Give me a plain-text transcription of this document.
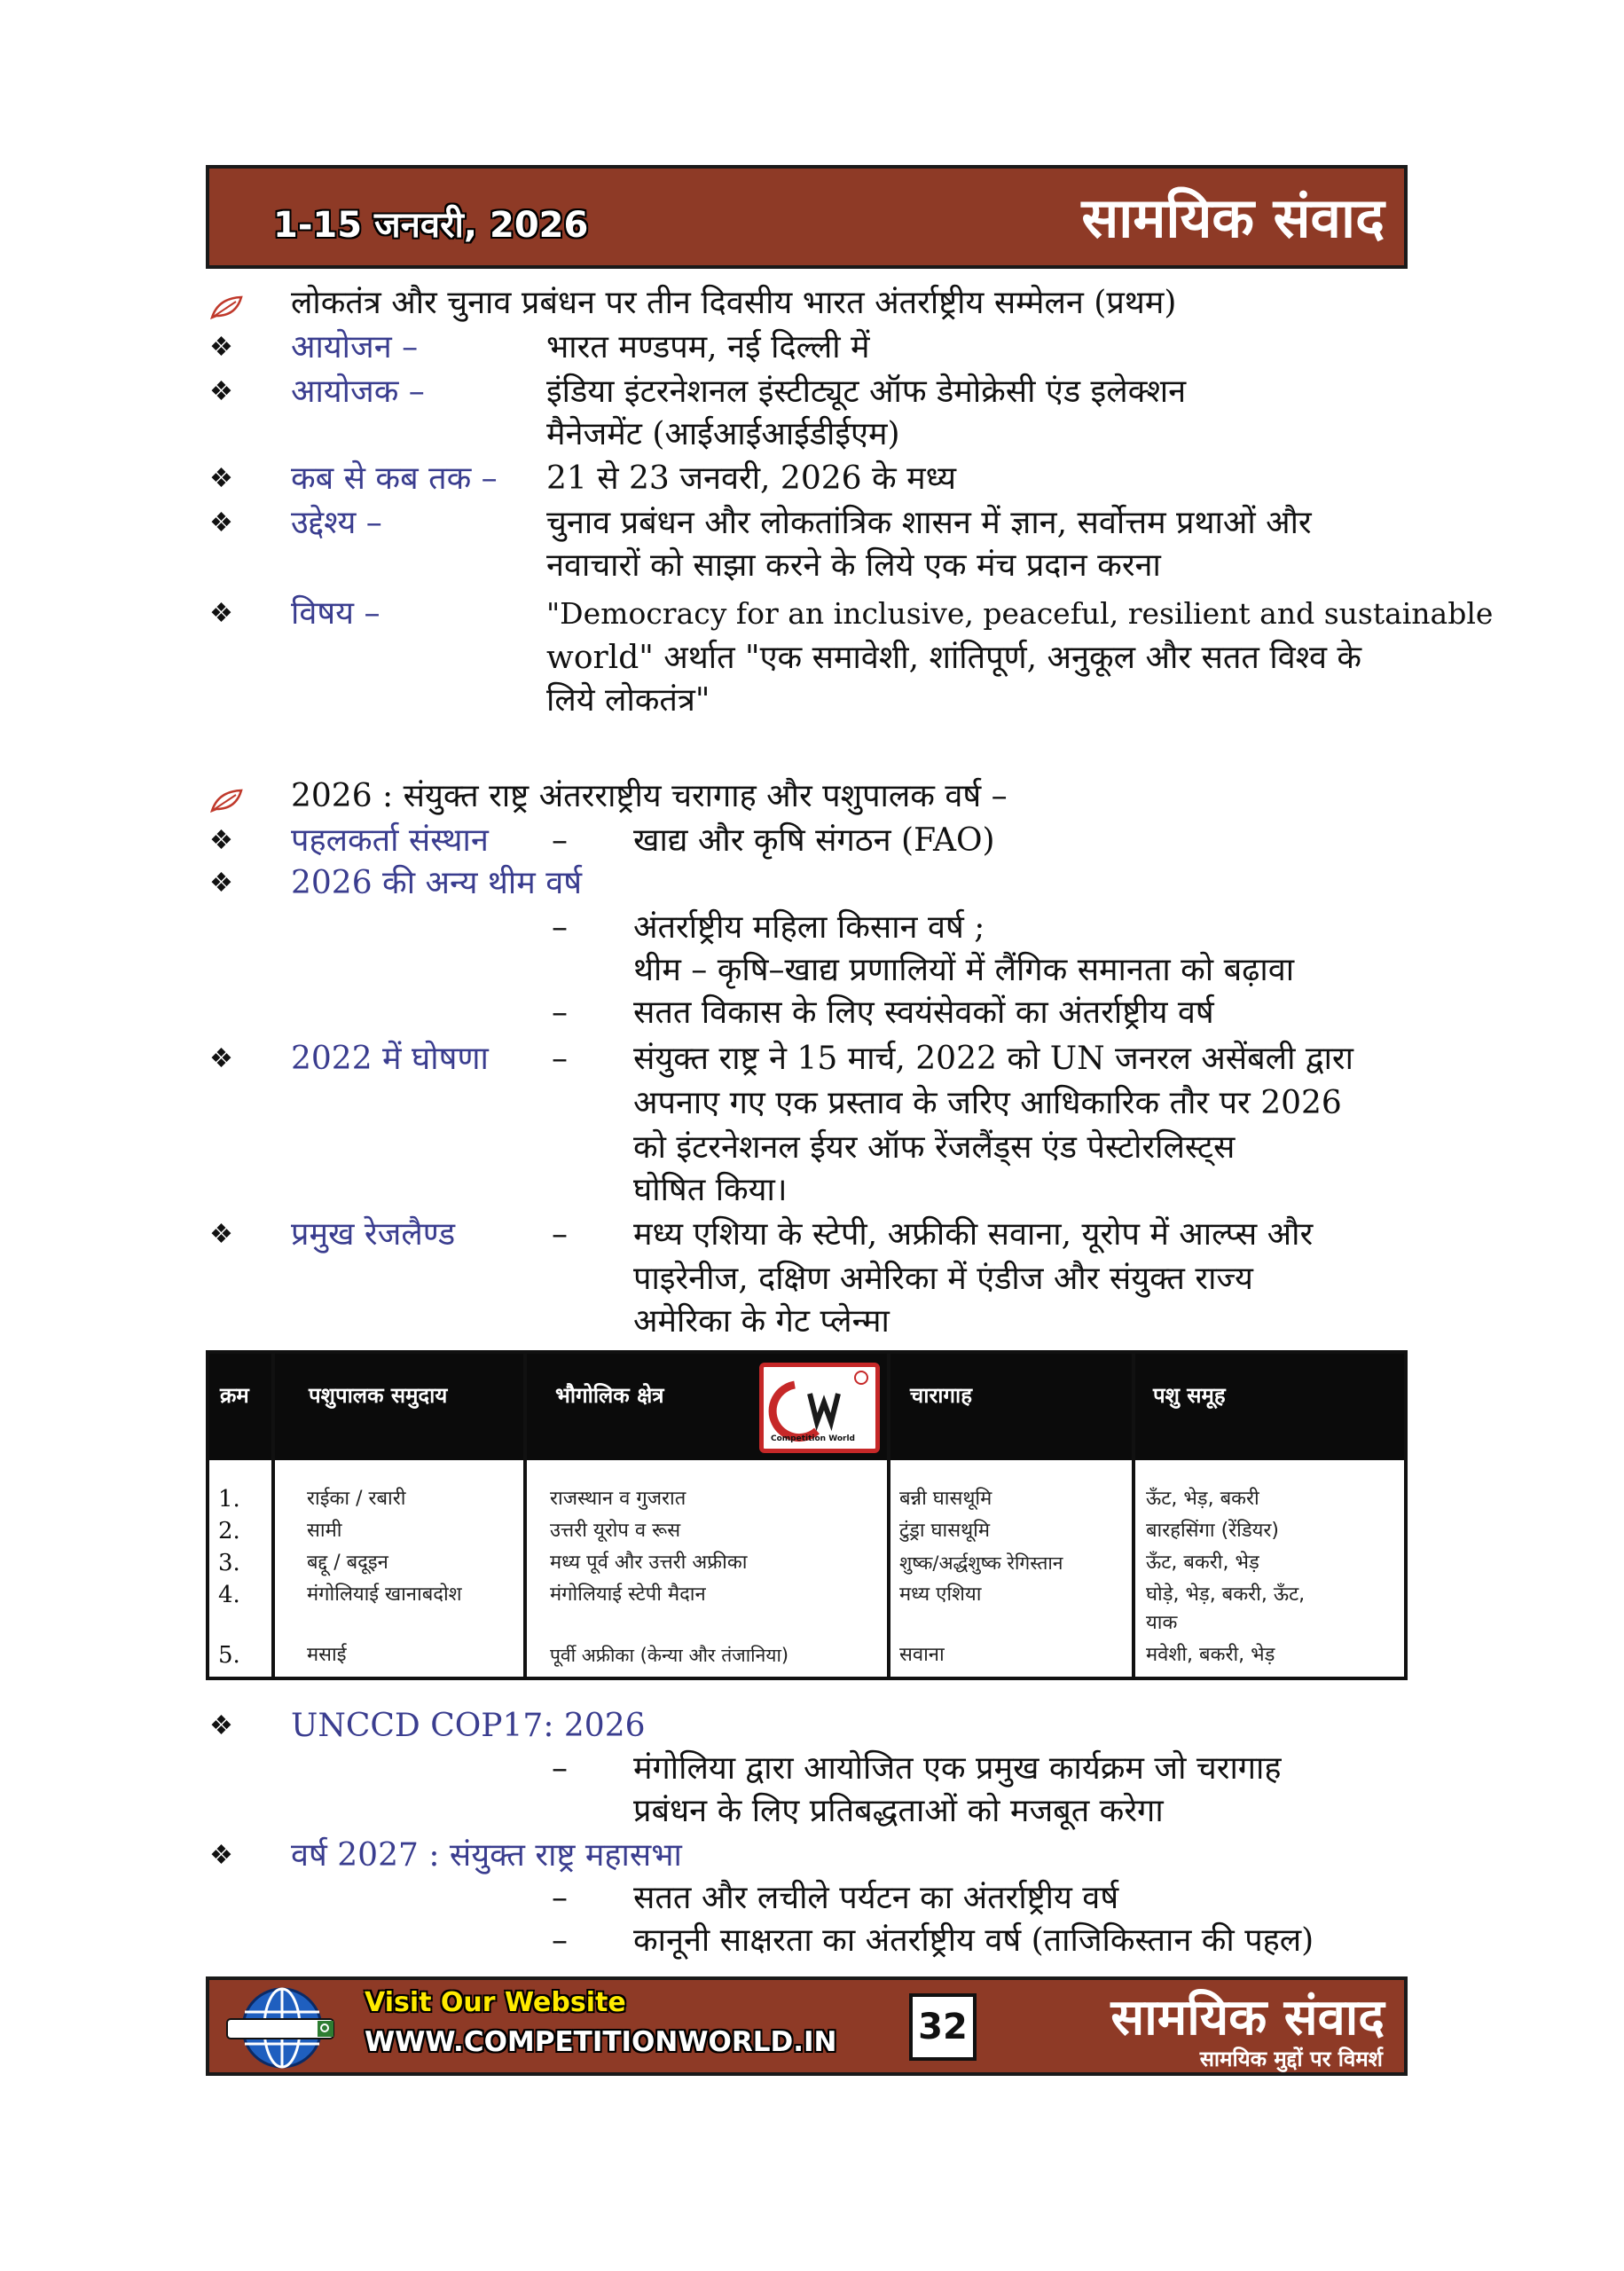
1-15 जनवरी, 2026	सामयिक संवाद
लोकतंत्र और चुनाव प्रबंधन पर तीन दिवसीय भारत अंतर्राष्ट्रीय सम्मेलन (प्रथम)
❖ आयोजन –	भारत मण्डपम, नई दिल्ली में
❖ आयोजक –	इंडिया इंटरनेशनल इंस्टीट्यूट ऑफ डेमोक्रेसी एंड इलेक्शन
मैनेजमेंट (आईआईआईडीईएम)
❖ कब से कब तक – 21 से 23 जनवरी, 2026 के मध्य
❖ उद्देश्य –	चुनाव प्रबंधन और लोकतांत्रिक शासन में ज्ञान, सर्वोत्तम प्रथाओं और
नवाचारों को साझा करने के लिये एक मंच प्रदान करना
❖ विषय –	"Democracy for an inclusive, peaceful, resilient and sustainable
world" अर्थात "एक समावेशी, शांतिपूर्ण, अनुकूल और सतत विश्व के
लिये लोकतंत्र"
2026 : संयुक्त राष्ट्र अंतरराष्ट्रीय चरागाह और पशुपालक वर्ष –
❖ पहलकर्ता संस्थान – खाद्य और कृषि संगठन (FAO)
❖ 2026 की अन्य थीम वर्ष
– अंतर्राष्ट्रीय महिला किसान वर्ष ;
थीम – कृषि–खाद्य प्रणालियों में लैंगिक समानता को बढ़ावा
– सतत विकास के लिए स्वयंसेवकों का अंतर्राष्ट्रीय वर्ष
❖ 2022 में घोषणा – संयुक्त राष्ट्र ने 15 मार्च, 2022 को UN जनरल असेंबली द्वारा
अपनाए गए एक प्रस्ताव के जरिए आधिकारिक तौर पर 2026
को इंटरनेशनल ईयर ऑफ रेंजलैंड्स एंड पेस्टोरलिस्ट्स
घोषित किया।
❖ प्रमुख रेजलैण्ड	– मध्य एशिया के स्टेपी, अफ्रीकी सवाना, यूरोप में आल्प्स और
पाइरेनीज, दक्षिण अमेरिका में एंडीज और संयुक्त राज्य
अमेरिका के गेट प्लेन्मा
क्रम	पशुपालक समुदाय	भौगोलिक क्षेत्र	चारागाह	पशु समूह
Competition World
1.	राईका / रबारी	राजस्थान व गुजरात	बन्नी घासथूमि	ऊँट, भेड़, बकरी
2.	सामी	उत्तरी यूरोप व रूस	टुंड्रा घासथूमि	बारहसिंगा (रेंडियर)
3.	बद्दू / बदूइन	मध्य पूर्व और उत्तरी अफ्रीका	शुष्क/अर्द्धशुष्क रेगिस्तान	ऊँट, बकरी, भेड़
4.	मंगोलियाई खानाबदोश	मंगोलियाई स्टेपी मैदान	मध्य एशिया	घोड़े, भेड़, बकरी, ऊँट,
याक
5.	मसाई	पूर्वी अफ्रीका (केन्या और तंजानिया)	सवाना	मवेशी, बकरी, भेड़
❖ UNCCD COP17: 2026
– मंगोलिया द्वारा आयोजित एक प्रमुख कार्यक्रम जो चरागाह
प्रबंधन के लिए प्रतिबद्धताओं को मजबूत करेगा
❖ वर्ष 2027 : संयुक्त राष्ट्र महासभा
– सतत और लचीले पर्यटन का अंतर्राष्ट्रीय वर्ष
– कानूनी साक्षरता का अंतर्राष्ट्रीय वर्ष (ताजिकिस्तान की पहल)
Visit Our Website
WWW.COMPETITIONWORLD.IN 32	सामयिक संवाद
सामयिक मुद्दों पर विमर्श
